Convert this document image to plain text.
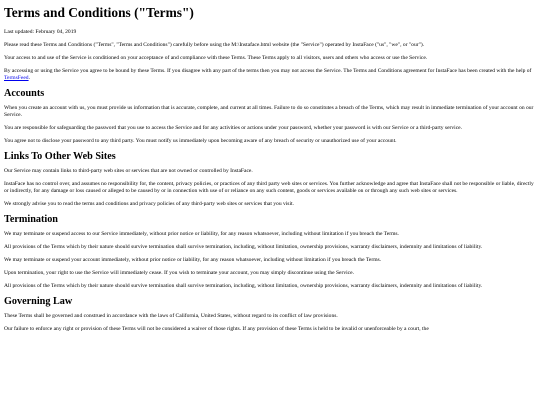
Terms and Conditions ("Terms")

Last updated: February 04, 2019

Please read these Terms and Conditions ("Terms", "Terms and Conditions") carefully before using the M:\Instaface.html website (the "Service") operated by InstaFace ("us", "we", or "our").

Your access to and use of the Service is conditioned on your acceptance of and compliance with these Terms. These Terms apply to all visitors, users and others who access or use the Service.

By accessing or using the Service you agree to be bound by these Terms. If you disagree with any part of the terms then you may not access the Service. The Terms and Conditions agreement for InstaFace has been created with the help of TermsFeed.

Accounts

When you create an account with us, you must provide us information that is accurate, complete, and current at all times. Failure to do so constitutes a breach of the Terms, which may result in immediate termination of your account on our Service.

You are responsible for safeguarding the password that you use to access the Service and for any activities or actions under your password, whether your password is with our Service or a third-party service.

You agree not to disclose your password to any third party. You must notify us immediately upon becoming aware of any breach of security or unauthorized use of your account.

Links To Other Web Sites

Our Service may contain links to third-party web sites or services that are not owned or controlled by InstaFace.

InstaFace has no control over, and assumes no responsibility for, the content, privacy policies, or practices of any third party web sites or services. You further acknowledge and agree that InstaFace shall not be responsible or liable, directly or indirectly, for any damage or loss caused or alleged to be caused by or in connection with use of or reliance on any such content, goods or services available on or through any such web sites or services.

We strongly advise you to read the terms and conditions and privacy policies of any third-party web sites or services that you visit.

Termination

We may terminate or suspend access to our Service immediately, without prior notice or liability, for any reason whatsoever, including without limitation if you breach the Terms.

All provisions of the Terms which by their nature should survive termination shall survive termination, including, without limitation, ownership provisions, warranty disclaimers, indemnity and limitations of liability.

We may terminate or suspend your account immediately, without prior notice or liability, for any reason whatsoever, including without limitation if you breach the Terms.

Upon termination, your right to use the Service will immediately cease. If you wish to terminate your account, you may simply discontinue using the Service.

All provisions of the Terms which by their nature should survive termination shall survive termination, including, without limitation, ownership provisions, warranty disclaimers, indemnity and limitations of liability.

Governing Law

These Terms shall be governed and construed in accordance with the laws of California, United States, without regard to its conflict of law provisions.

Our failure to enforce any right or provision of these Terms will not be considered a waiver of those rights. If any provision of these Terms is held to be invalid or unenforceable by a court, the
